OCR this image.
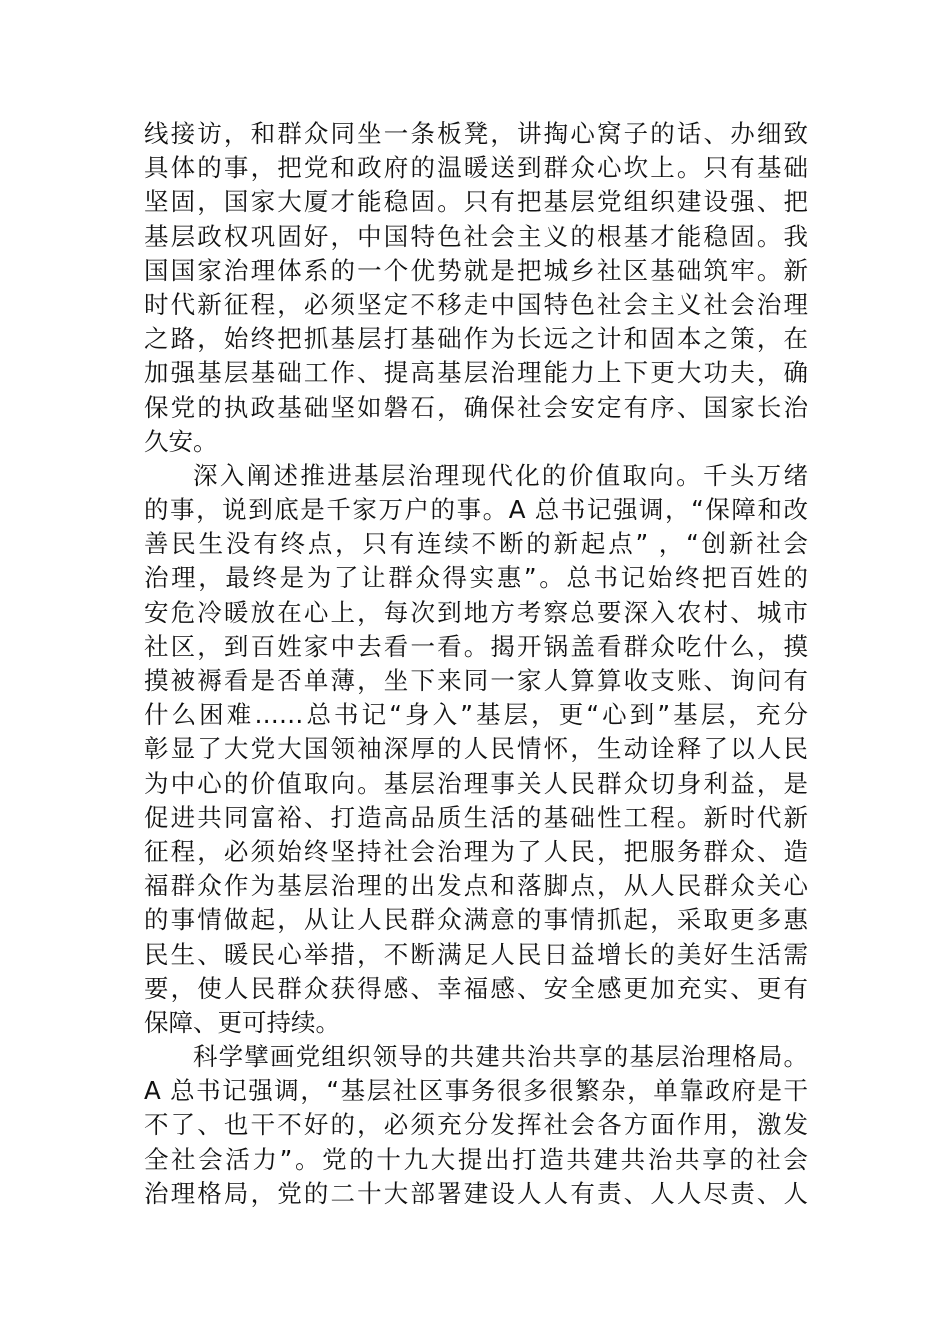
线接访，和群众同坐一条板凳，讲掏心窝子的话、办细致
具体的事，把党和政府的温暖送到群众心坎上。只有基础
坚固，国家大厦才能稳固。只有把基层党组织建设强、把
基层政权巩固好，中国特色社会主义的根基才能稳固。我
国国家治理体系的一个优势就是把城乡社区基础筑牢。新
时代新征程，必须坚定不移走中国特色社会主义社会治理
之路，始终把抓基层打基础作为长远之计和固本之策，在
加强基层基础工作、提高基层治理能力上下更大功夫，确
保党的执政基础坚如磐石，确保社会安定有序、国家长治
久安。
深入阐述推进基层治理现代化的价值取向。千头万绪
的事，说到底是千家万户的事。A 总书记强调，“保障和改
善民生没有终点，只有连续不断的新起点” ，“创新社会
治理，最终是为了让群众得实惠”。总书记始终把百姓的
安危冷暖放在心上，每次到地方考察总要深入农村、城市
社区，到百姓家中去看一看。揭开锅盖看群众吃什么，摸
摸被褥看是否单薄，坐下来同一家人算算收支账、询问有
什么困难……总书记“身入”基层，更“心到”基层，充分
彰显了大党大国领袖深厚的人民情怀，生动诠释了以人民
为中心的价值取向。基层治理事关人民群众切身利益，是
促进共同富裕、打造高品质生活的基础性工程。新时代新
征程，必须始终坚持社会治理为了人民，把服务群众、造
福群众作为基层治理的出发点和落脚点，从人民群众关心
的事情做起，从让人民群众满意的事情抓起，采取更多惠
民生、暖民心举措，不断满足人民日益增长的美好生活需
要，使人民群众获得感、幸福感、安全感更加充实、更有
保障、更可持续。
科学擘画党组织领导的共建共治共享的基层治理格局。
A 总书记强调，“基层社区事务很多很繁杂，单靠政府是干
不了、也干不好的，必须充分发挥社会各方面作用，激发
全社会活力”。党的十九大提出打造共建共治共享的社会
治理格局，党的二十大部署建设人人有责、人人尽责、人
